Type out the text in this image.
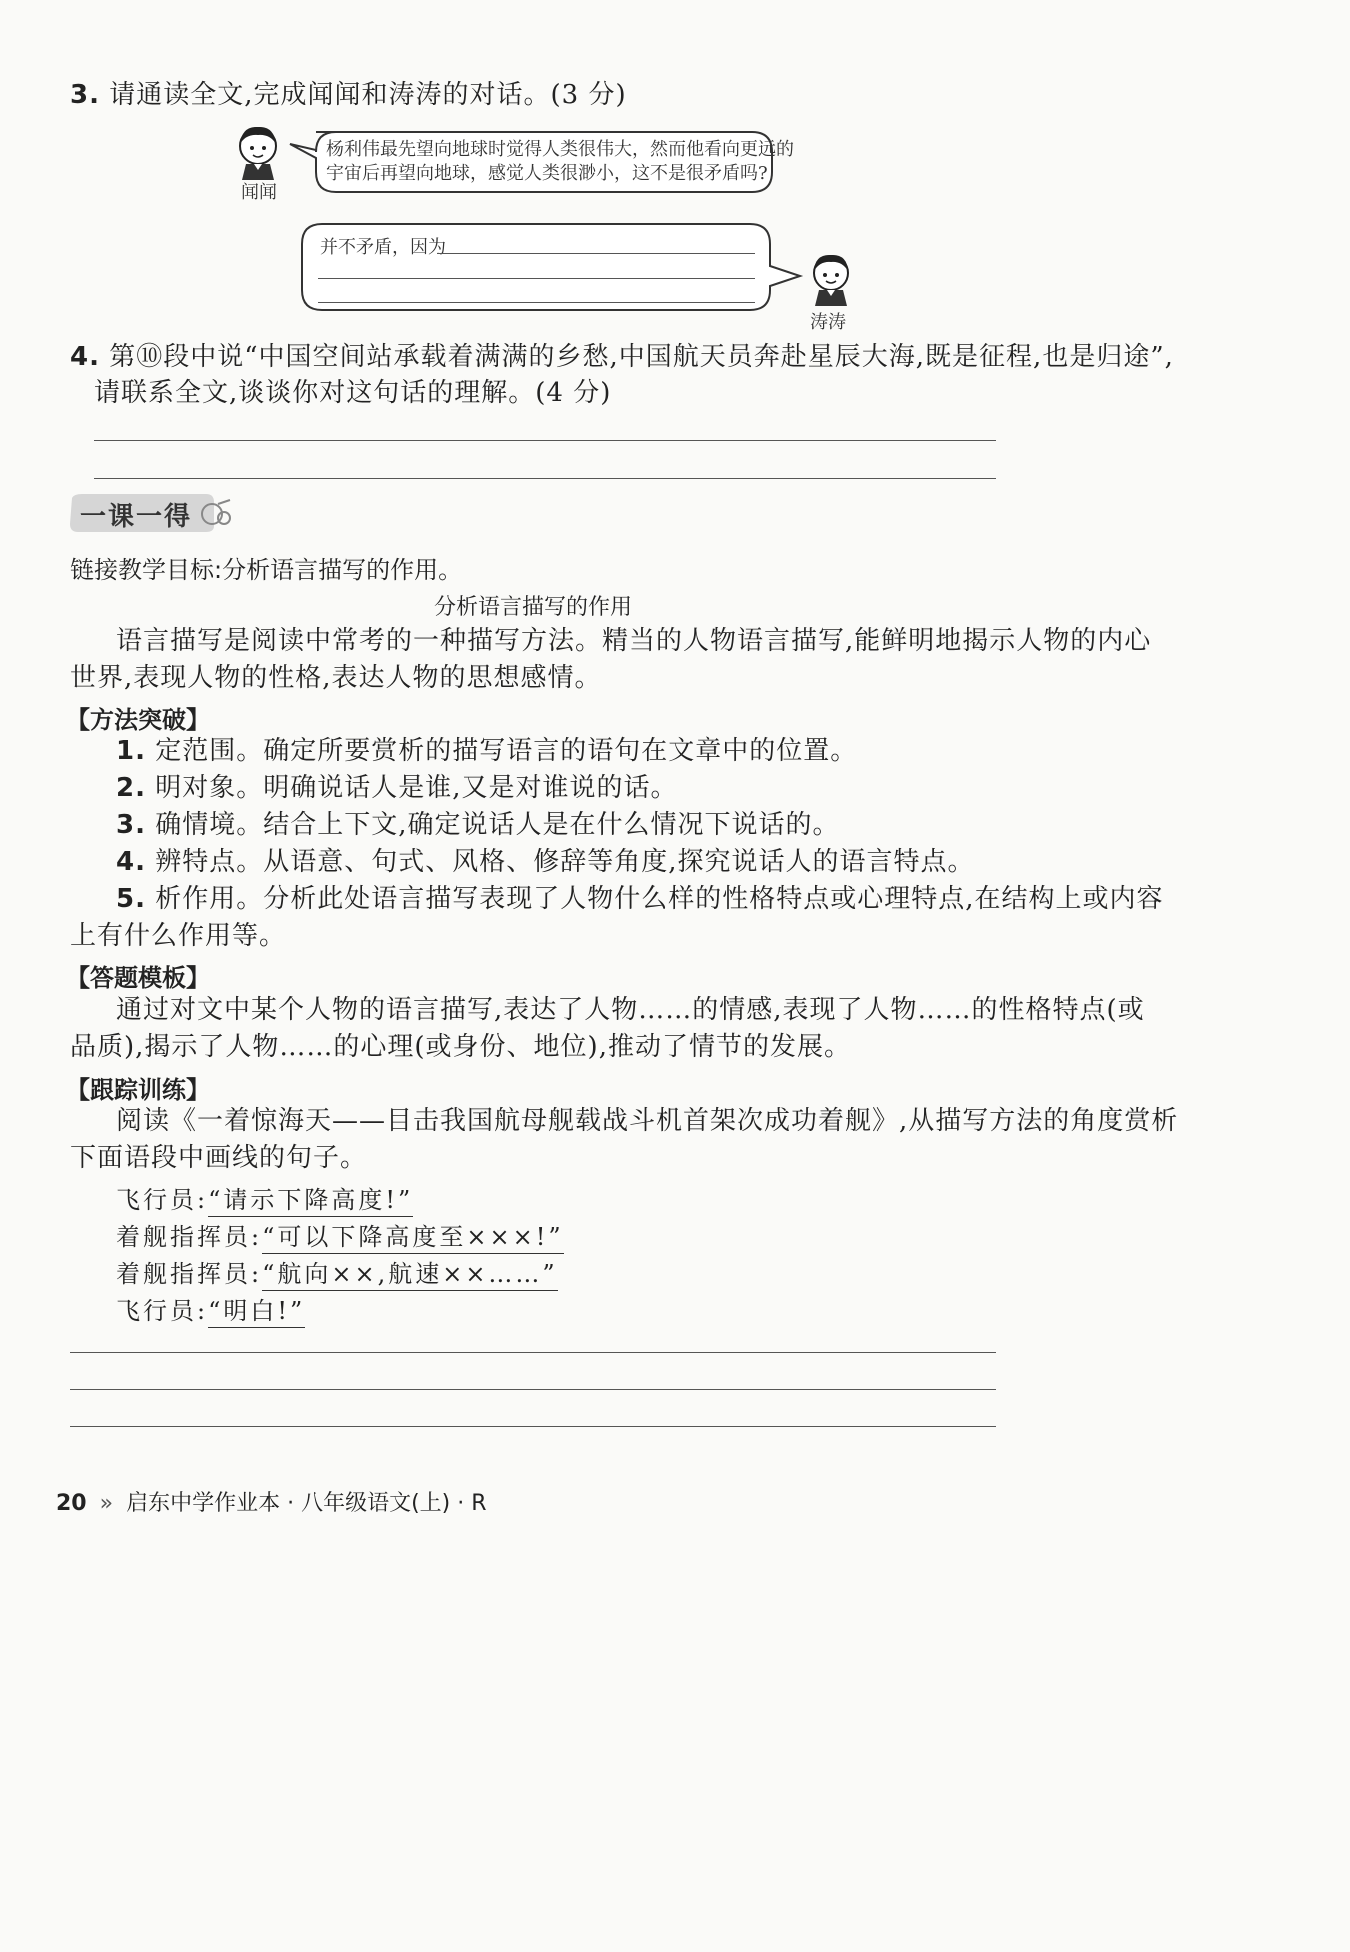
3. 请通读全文,完成闻闻和涛涛的对话。(3 分)
闻闻
杨利伟最先望向地球时觉得人类很伟大，然而他看向更远的
宇宙后再望向地球，感觉人类很渺小，这不是很矛盾吗?
并不矛盾，因为
涛涛
4. 第⑩段中说“中国空间站承载着满满的乡愁,中国航天员奔赴星辰大海,既是征程,也是归途”,
请联系全文,谈谈你对这句话的理解。(4 分)
一课一得
链接教学目标:分析语言描写的作用。
分析语言描写的作用
语言描写是阅读中常考的一种描写方法。精当的人物语言描写,能鲜明地揭示人物的内心
世界,表现人物的性格,表达人物的思想感情。
【方法突破】
1. 定范围。确定所要赏析的描写语言的语句在文章中的位置。
2. 明对象。明确说话人是谁,又是对谁说的话。
3. 确情境。结合上下文,确定说话人是在什么情况下说话的。
4. 辨特点。从语意、句式、风格、修辞等角度,探究说话人的语言特点。
5. 析作用。分析此处语言描写表现了人物什么样的性格特点或心理特点,在结构上或内容
上有什么作用等。
【答题模板】
通过对文中某个人物的语言描写,表达了人物……的情感,表现了人物……的性格特点(或
品质),揭示了人物……的心理(或身份、地位),推动了情节的发展。
【跟踪训练】
阅读《一着惊海天——目击我国航母舰载战斗机首架次成功着舰》,从描写方法的角度赏析
下面语段中画线的句子。
飞行员:“请示下降高度!”
着舰指挥员:“可以下降高度至×××!”
着舰指挥员:“航向××,航速××……”
飞行员:“明白!”
20 » 启东中学作业本 · 八年级语文(上) · R
